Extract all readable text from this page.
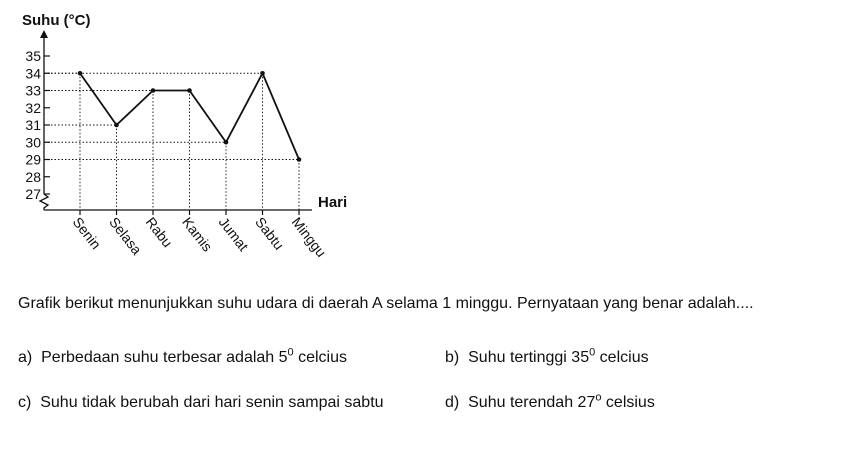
Suhu (°C)
Hari
27
28
29
30
31
32
33
34
35
Senin Selasa
Rabu Kamis Jumat Sabtu Minggu
Grafik berikut menunjukkan suhu udara di daerah A selama 1 minggu. Pernyataan yang benar adalah....
a) Perbedaan suhu terbesar adalah $5^0$ celcius	b) Suhu tertinggi $35^0$ celcius
c) Suhu tidak berubah dari hari senin sampai sabtu	d) Suhu terendah 27$^o$ celsius
